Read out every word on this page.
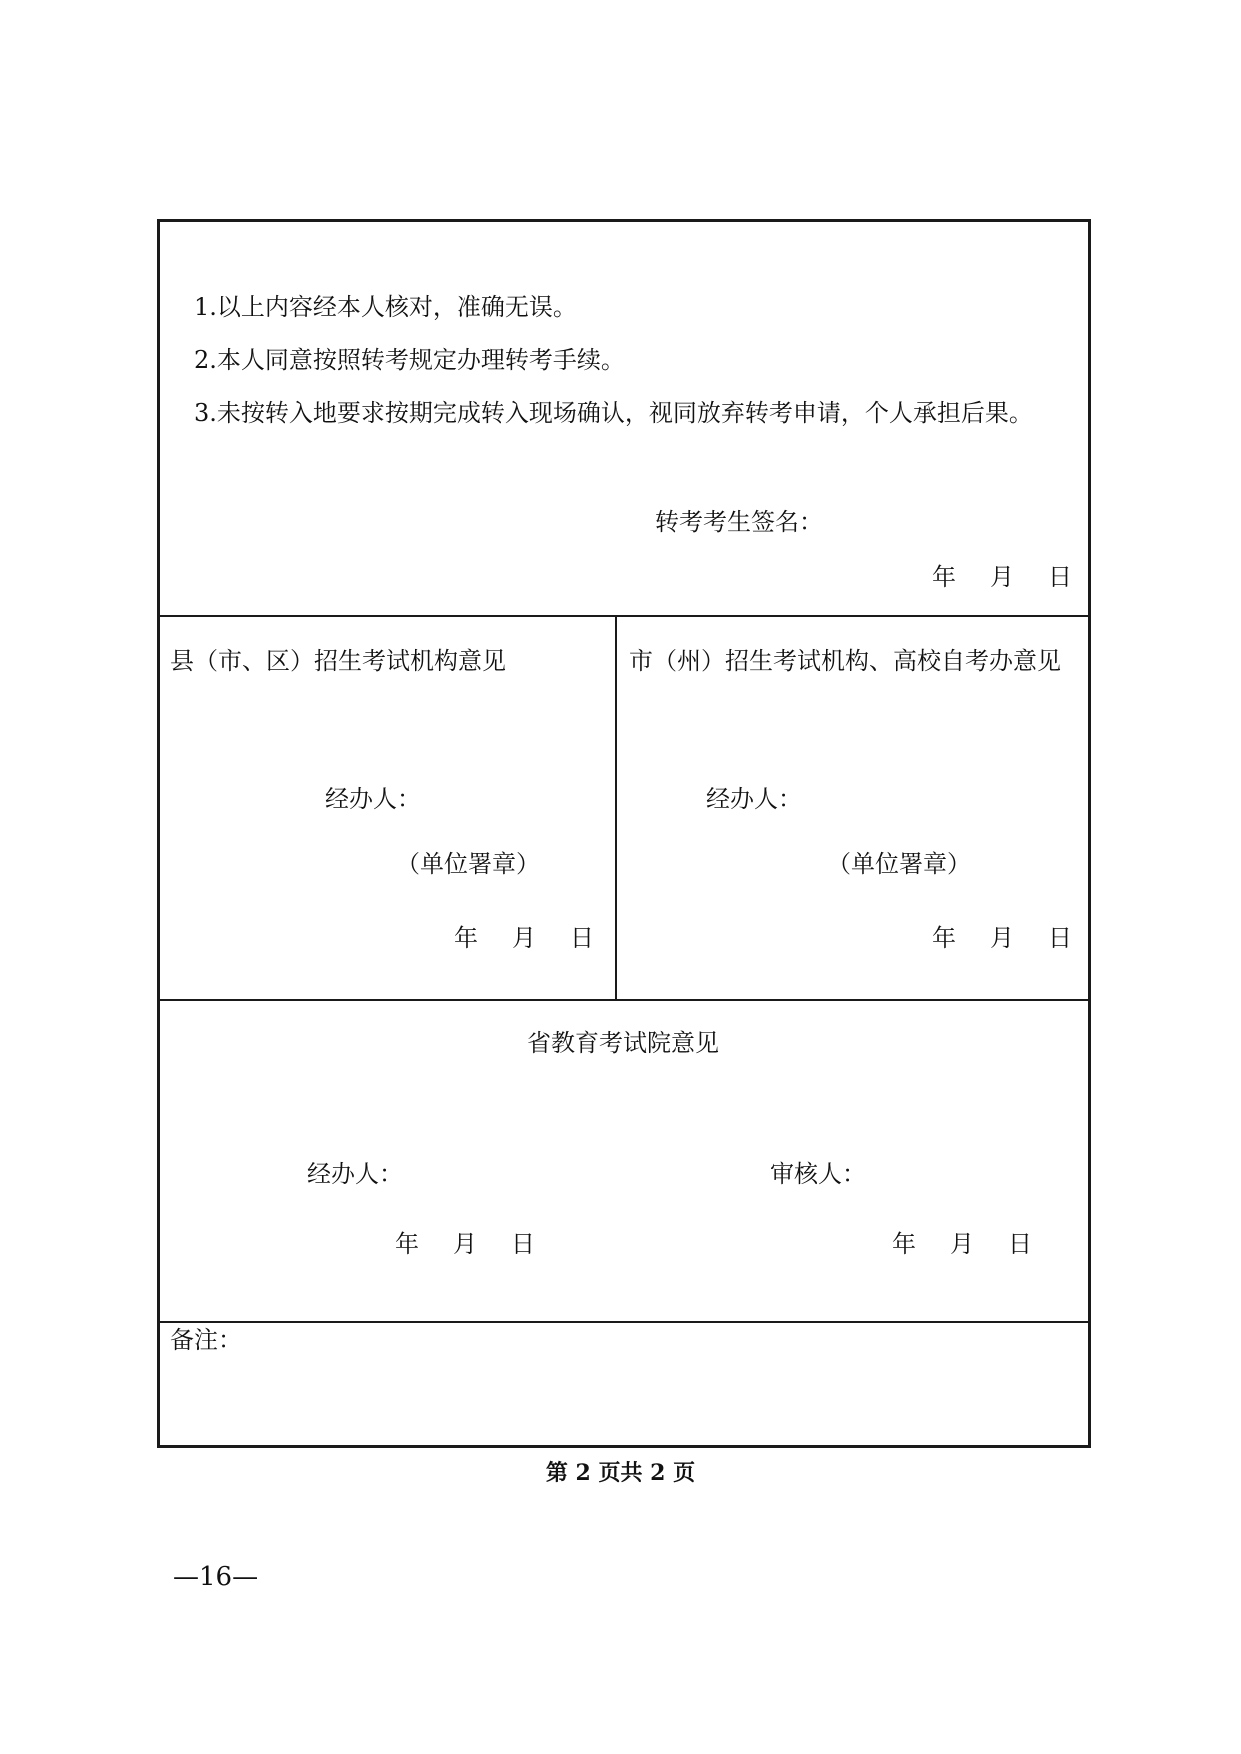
1.以上内容经本人核对，准确无误。
2.本人同意按照转考规定办理转考手续。
3.未按转入地要求按期完成转入现场确认，视同放弃转考申请，个人承担后果。
转考考生签名：
年 月 日
县（市、区）招生考试机构意见
经办人：
（单位署章）
年 月 日
市（州）招生考试机构、高校自考办意见
经办人：
（单位署章）
年 月 日
省教育考试院意见
经办人：	审核人：
年 月 日	年 月 日
备注：
第 2 页共 2 页
—16—
